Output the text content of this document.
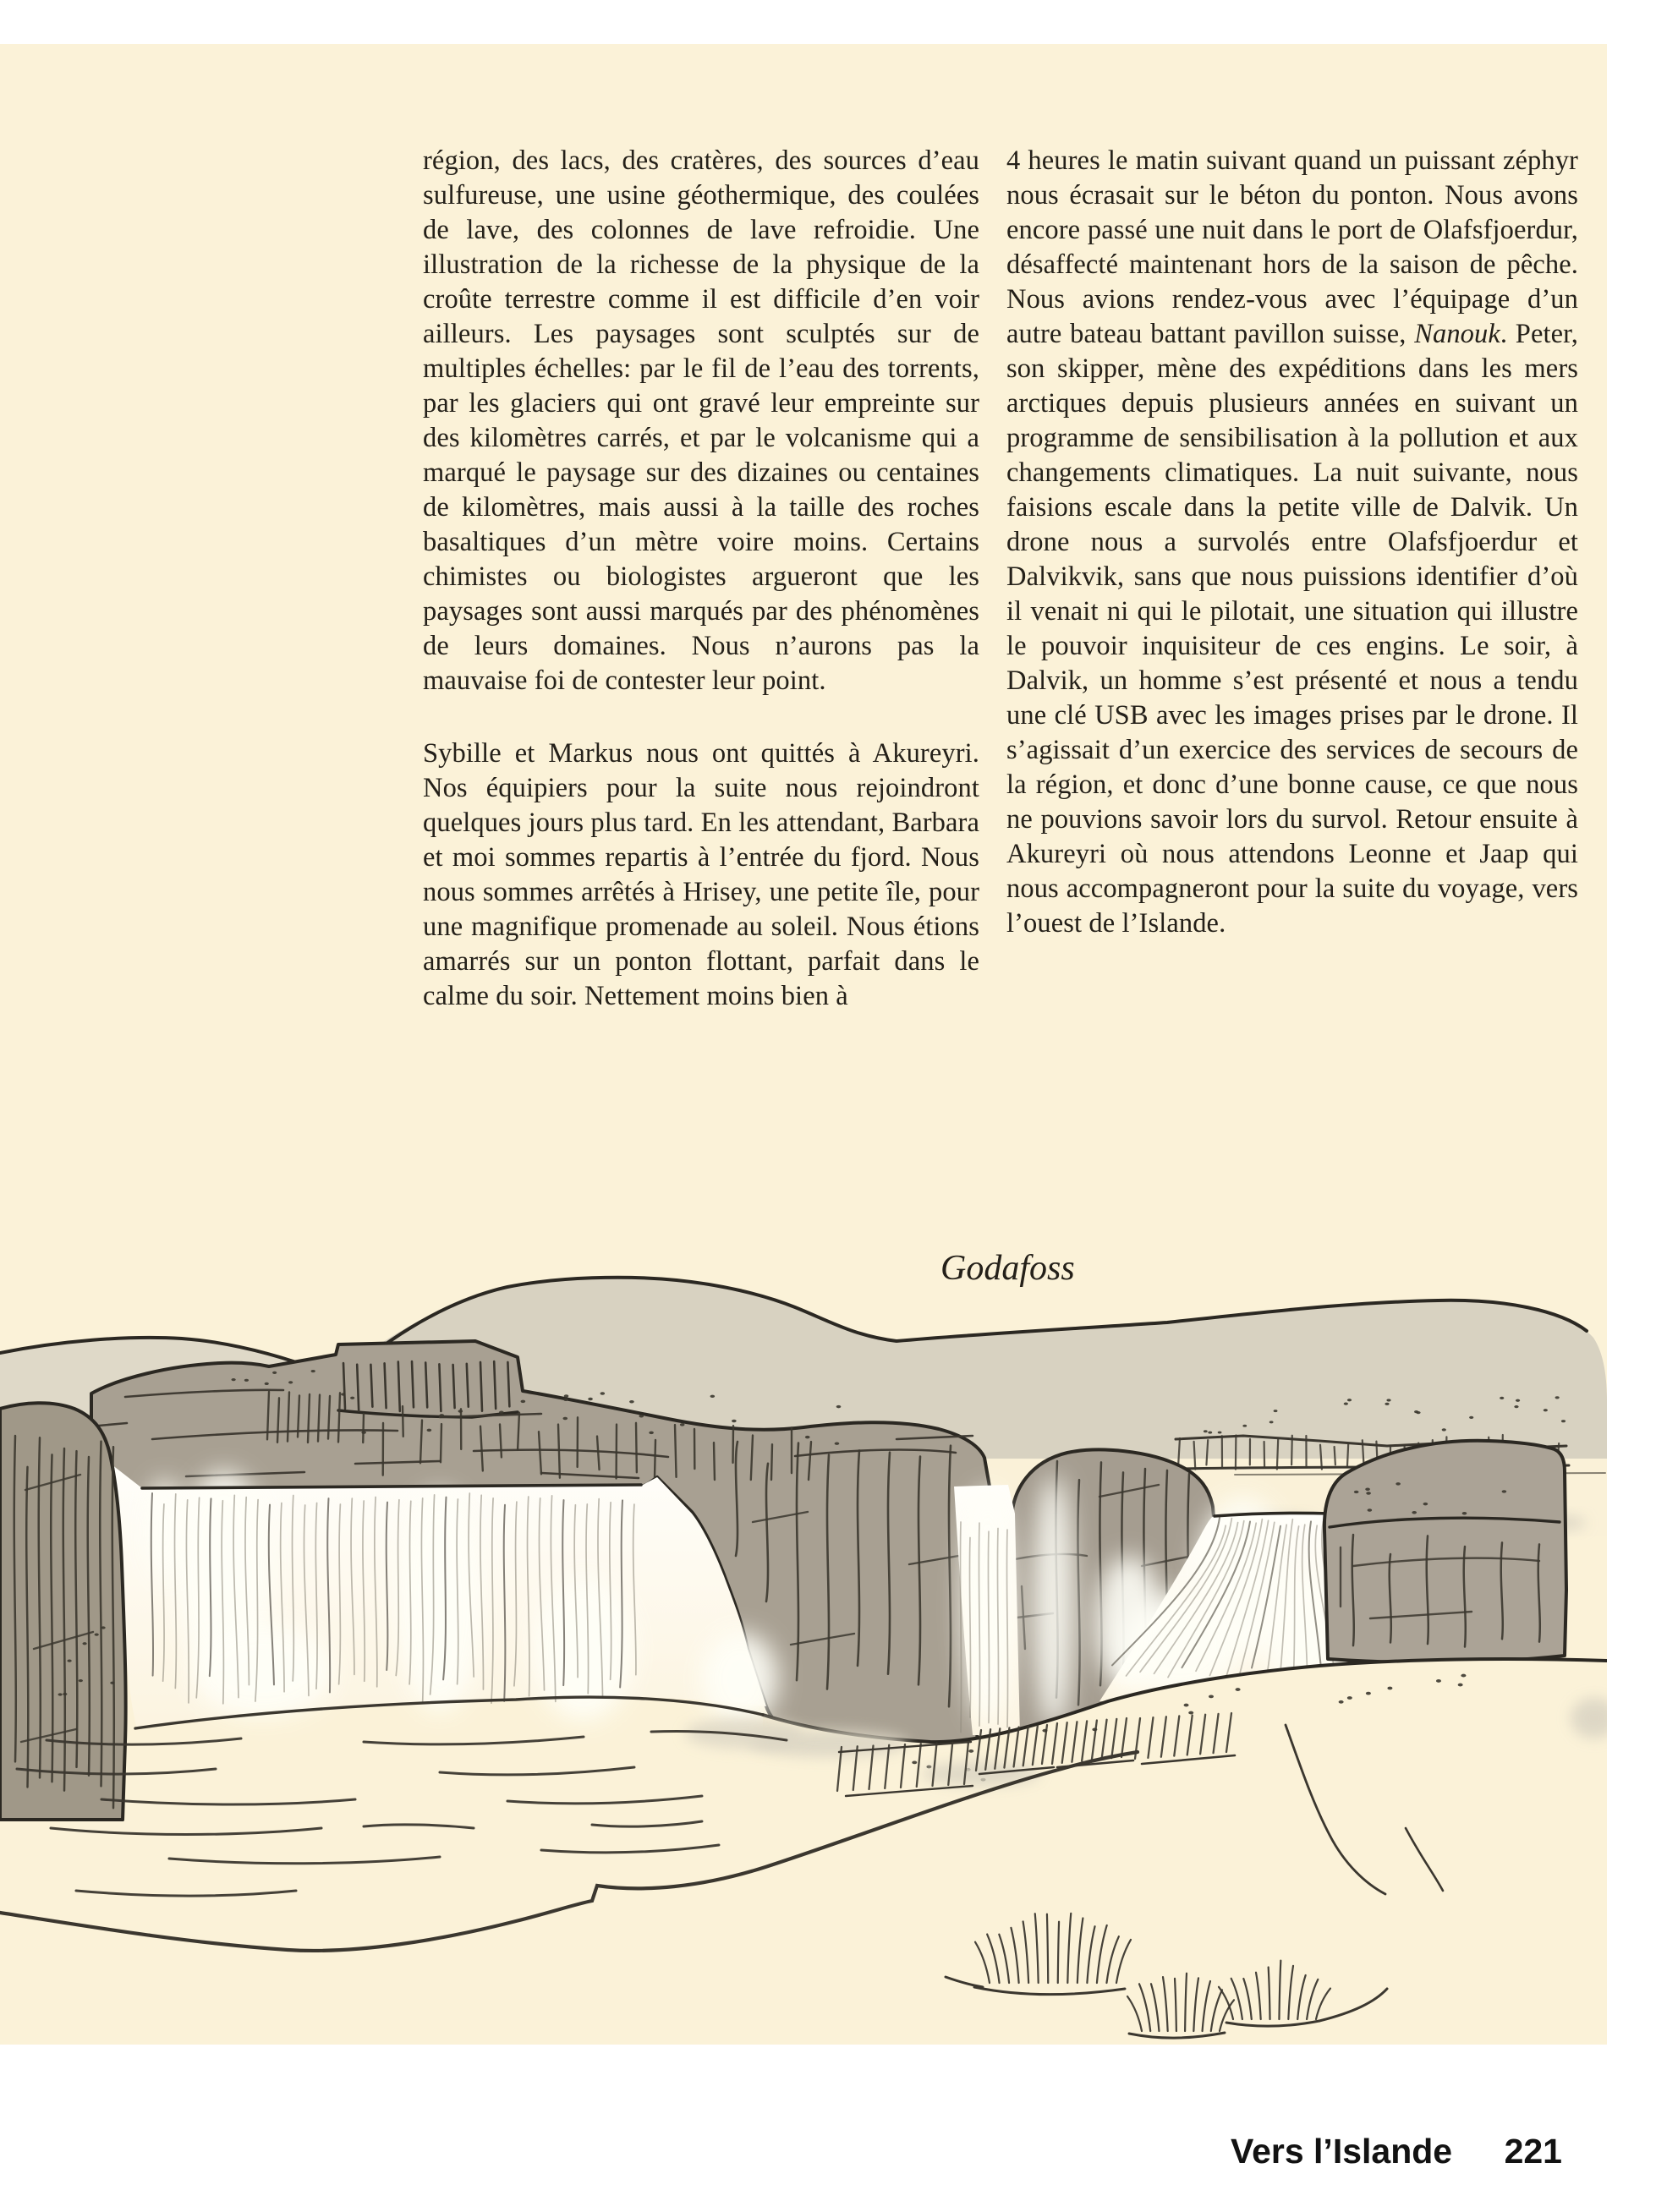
région, des lacs, des cratères, des sources d’eau sulfureuse, une usine géothermique, des coulées de lave, des colonnes de lave refroidie. Une illustration de la richesse de la physique de la croûte terrestre comme il est difficile d’en voir ailleurs. Les paysages sont sculptés sur de multiples échelles: par le fil de l’eau des torrents, par les glaciers qui ont gravé leur empreinte sur des kilomètres carrés, et par le volcanisme qui a marqué le paysage sur des dizaines ou centaines de kilomètres, mais aussi à la taille des roches basaltiques d’un mètre voire moins. Certains chimistes ou biologistes argueront que les paysages sont aussi marqués par des phénomènes de leurs domaines. Nous n’aurons pas la mauvaise foi de contester leur point.

Sybille et Markus nous ont quittés à Akureyri. Nos équipiers pour la suite nous rejoindront quelques jours plus tard. En les attendant, Barbara et moi sommes repartis à l’entrée du fjord. Nous nous sommes arrêtés à Hrisey, une petite île, pour une magnifique promenade au soleil. Nous étions amarrés sur un ponton flottant, parfait dans le calme du soir. Nettement moins bien à

4 heures le matin suivant quand un puissant zéphyr nous écrasait sur le béton du ponton. Nous avons encore passé une nuit dans le port de Olafsfjoerdur, désaffecté maintenant hors de la saison de pêche. Nous avions rendez-vous avec l’équipage d’un autre bateau battant pavillon suisse, Nanouk. Peter, son skipper, mène des expéditions dans les mers arctiques depuis plusieurs années en suivant un programme de sensibilisation à la pollution et aux changements climatiques. La nuit suivante, nous faisions escale dans la petite ville de Dalvik. Un drone nous a survolés entre Olafsfjoerdur et Dalvikvik, sans que nous puissions identifier d’où il venait ni qui le pilotait, une situation qui illustre le pouvoir inquisiteur de ces engins. Le soir, à Dalvik, un homme s’est présenté et nous a tendu une clé USB avec les images prises par le drone. Il s’agissait d’un exercice des services de secours de la région, et donc d’une bonne cause, ce que nous ne pouvions savoir lors du survol. Retour ensuite à Akureyri où nous attendons Leonne et Jaap qui nous accompagneront pour la suite du voyage, vers l’ouest de l’Islande.

Godafoss
Vers l’Islande 221
